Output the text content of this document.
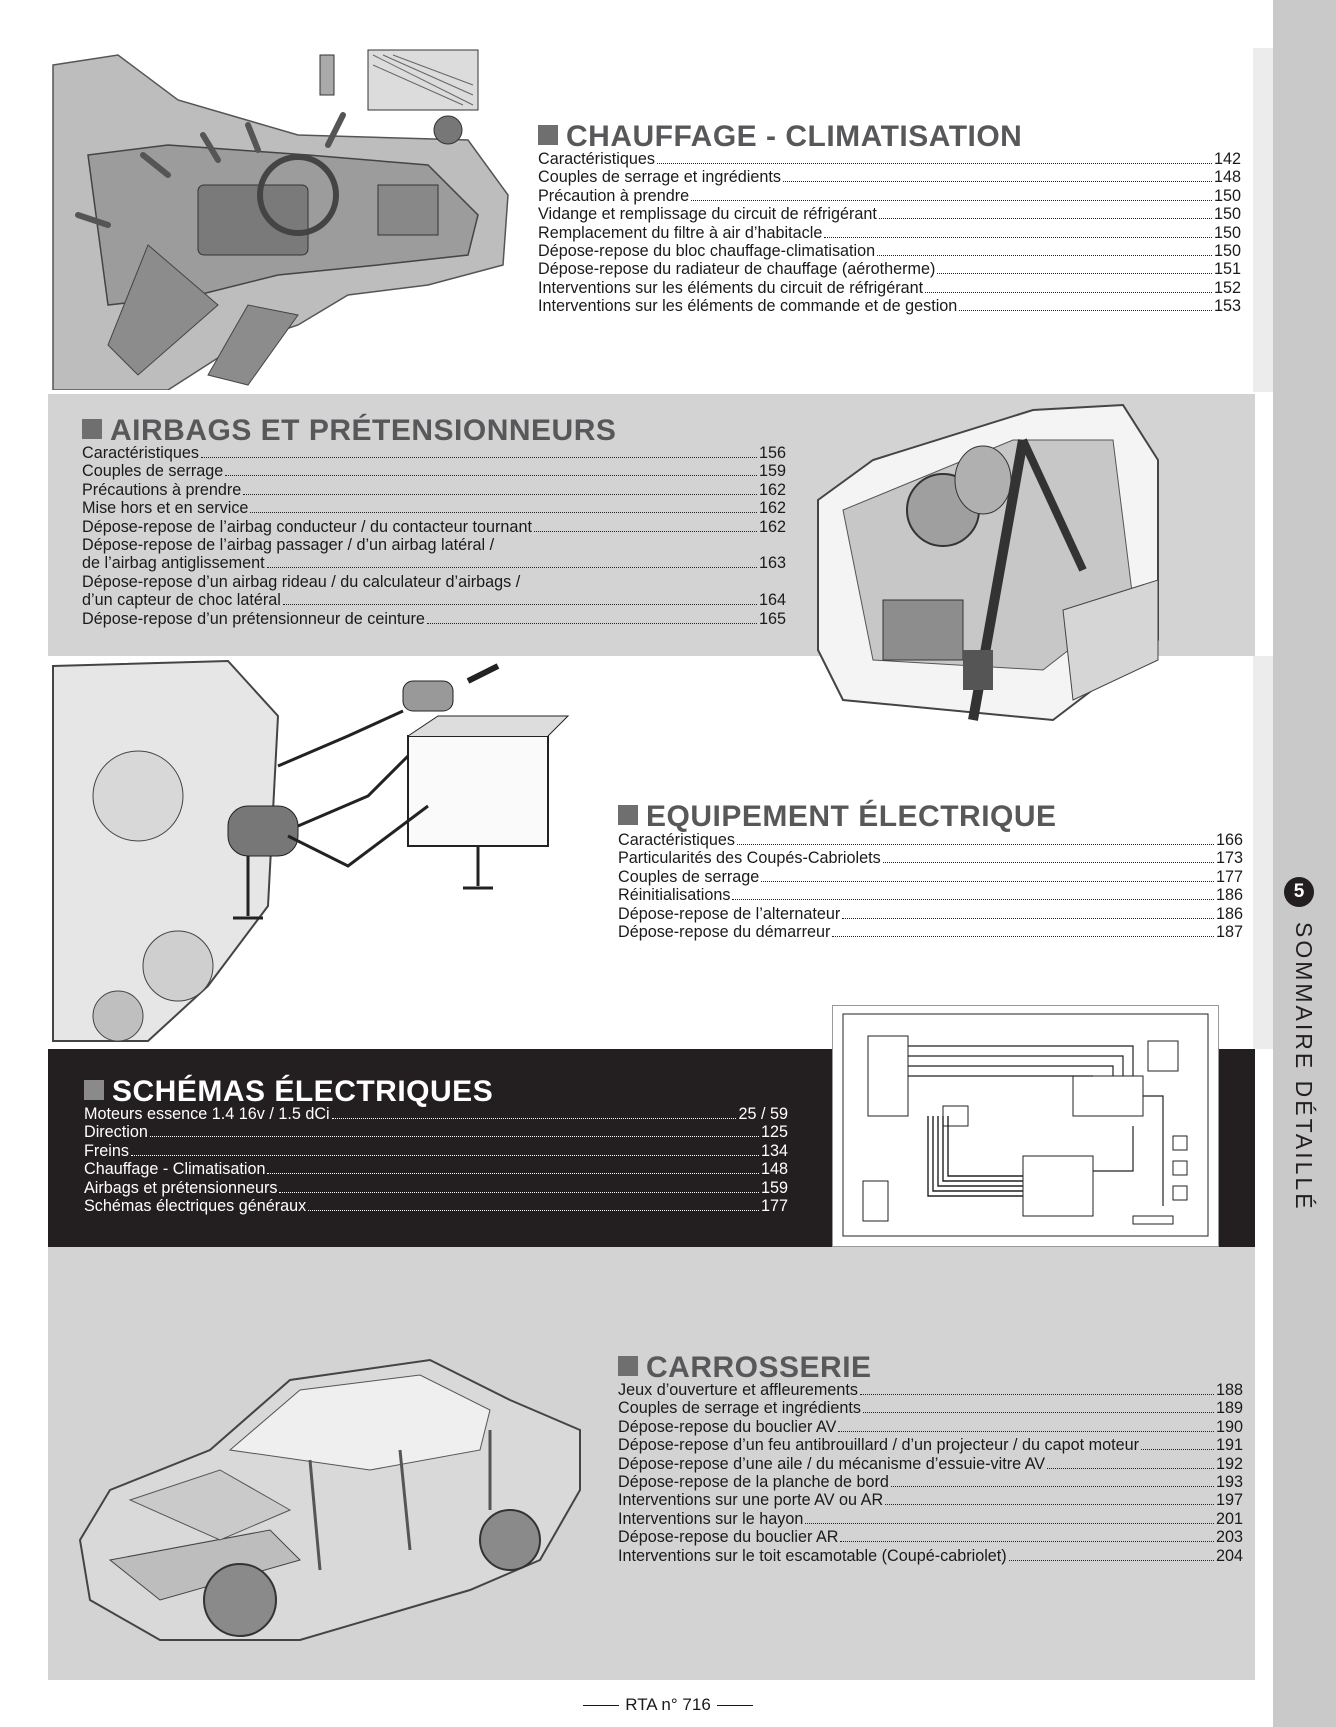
5
SOMMAIRE DÉTAILLÉ
CHAUFFAGE - CLIMATISATION
Caractéristiques	142
Couples de serrage et ingrédients	148
Précaution à prendre	150
Vidange et remplissage du circuit de réfrigérant	150
Remplacement du filtre à air d’habitacle	150
Dépose-repose du bloc chauffage-climatisation	150
Dépose-repose du radiateur de chauffage (aérotherme)	151
Interventions sur les éléments du circuit de réfrigérant	152
Interventions sur les éléments de commande et de gestion	153
AIRBAGS ET PRÉTENSIONNEURS
Caractéristiques	156
Couples de serrage	159
Précautions à prendre	162
Mise hors et en service	162
Dépose-repose de l’airbag conducteur / du contacteur tournant	162
Dépose-repose de l’airbag passager / d’un airbag latéral /
de l’airbag antiglissement	163
Dépose-repose d’un airbag rideau / du calculateur d’airbags /
d’un capteur de choc latéral	164
Dépose-repose d’un prétensionneur de ceinture	165
EQUIPEMENT ÉLECTRIQUE
Caractéristiques	166
Particularités des Coupés-Cabriolets	173
Couples de serrage	177
Réinitialisations	186
Dépose-repose de l’alternateur	186
Dépose-repose du démarreur	187
SCHÉMAS ÉLECTRIQUES
Moteurs essence 1.4 16v / 1.5 dCi	25 / 59
Direction	125
Freins	134
Chauffage - Climatisation	148
Airbags et prétensionneurs	159
Schémas électriques généraux	177
CARROSSERIE
Jeux d’ouverture et affleurements	188
Couples de serrage et ingrédients	189
Dépose-repose du bouclier AV	190
Dépose-repose d’un feu antibrouillard / d’un projecteur / du capot moteur	191
Dépose-repose d’une aile / du mécanisme d’essuie-vitre AV	192
Dépose-repose de la planche de bord	193
Interventions sur une porte AV ou AR	197
Interventions sur le hayon	201
Dépose-repose du bouclier AR	203
Interventions sur le toit escamotable (Coupé-cabriolet)	204
RTA n° 716
